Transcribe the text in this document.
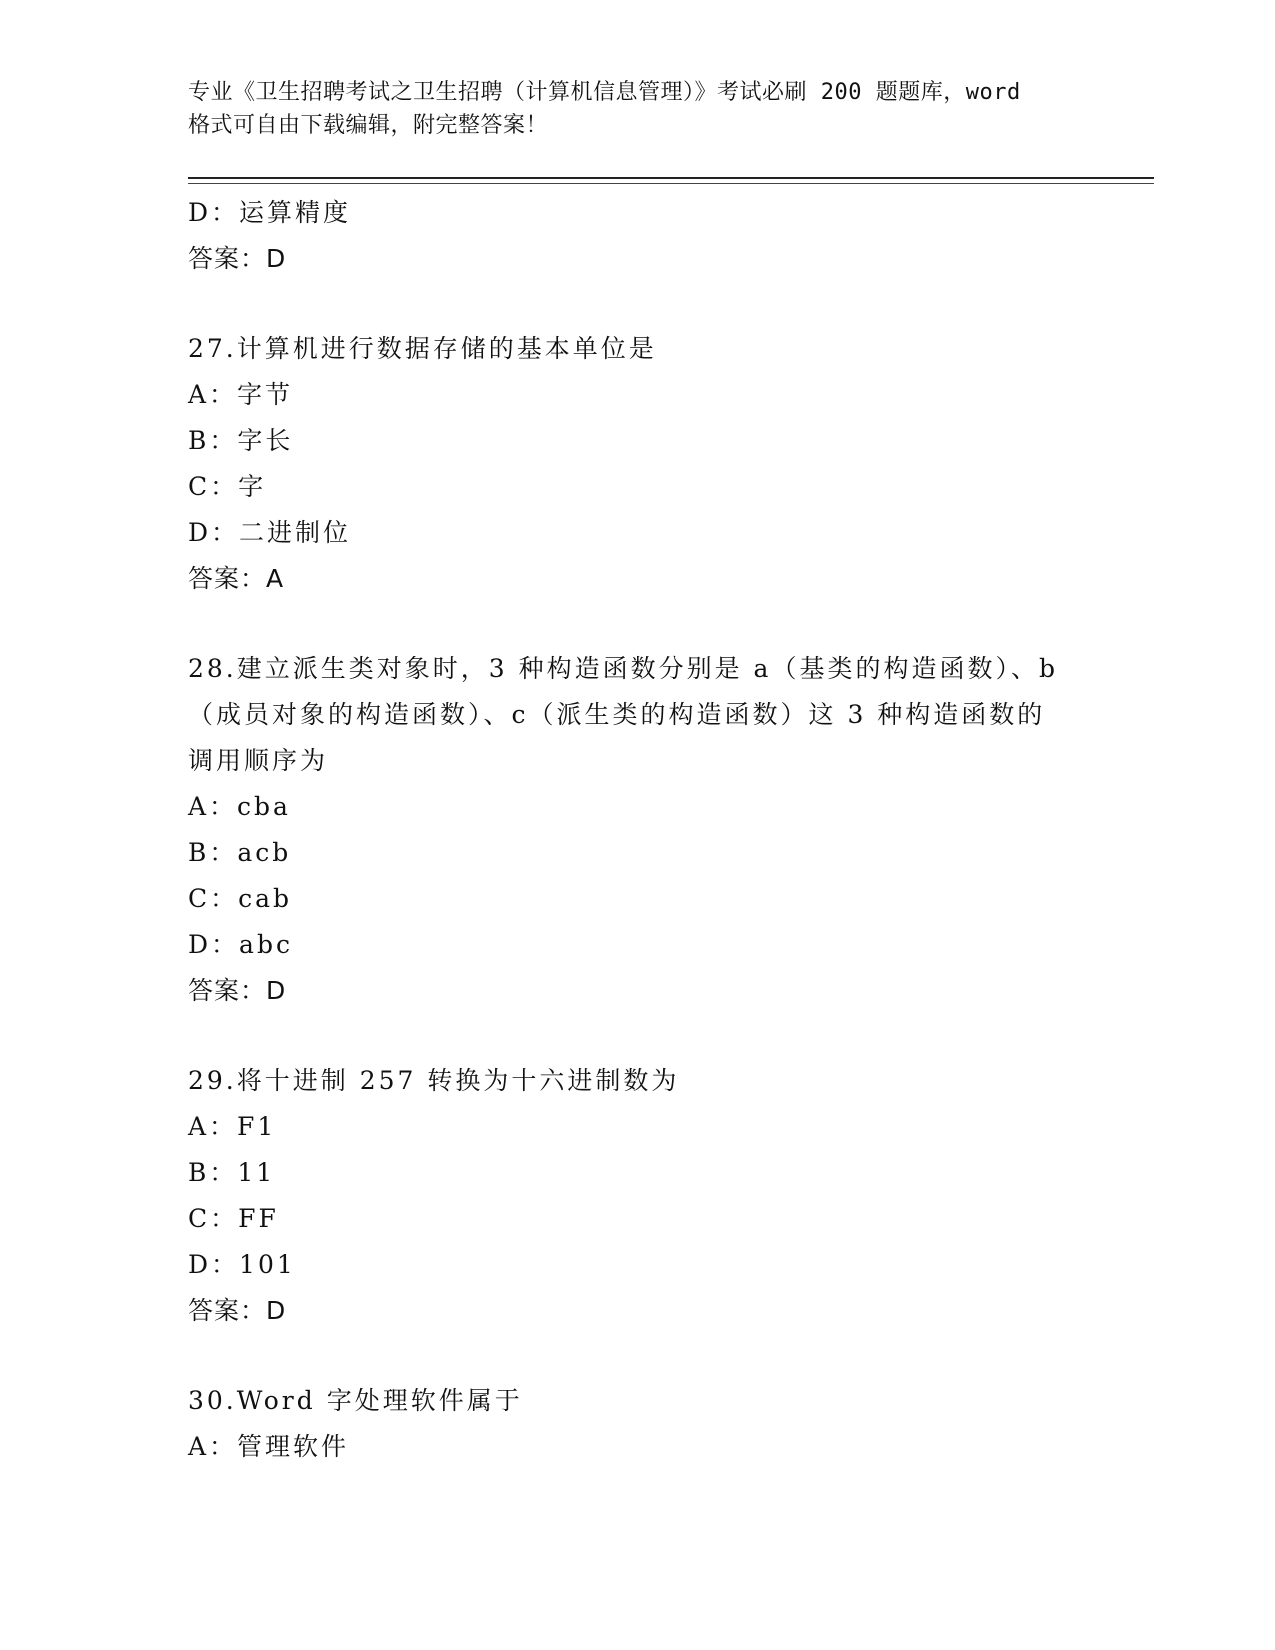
专业《卫生招聘考试之卫生招聘（计算机信息管理）》考试必刷 200 题题库，word
格式可自由下载编辑，附完整答案！
D：运算精度
答案：D
27.计算机进行数据存储的基本单位是
A：字节
B：字长
C：字
D：二进制位
答案：A
28.建立派生类对象时，3 种构造函数分别是 a（基类的构造函数）、b
（成员对象的构造函数）、c（派生类的构造函数）这 3 种构造函数的
调用顺序为
A：cba
B：acb
C：cab
D：abc
答案：D
29.将十进制 257 转换为十六进制数为
A：F1
B：11
C：FF
D：101
答案：D
30.Word 字处理软件属于
A：管理软件
